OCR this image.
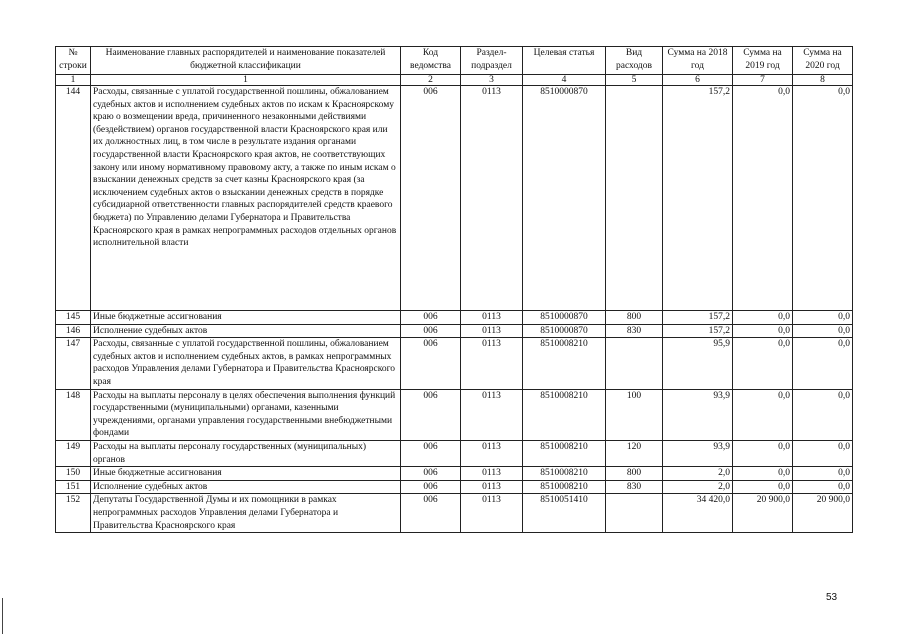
№ строки	Наименование главных распорядителей и наименование показателей бюджетной классификации	Код ведомства	Раздел-подраздел	Целевая статья	Вид расходов	Сумма на 2018 год	Сумма на 2019 год	Сумма на 2020 год
1	1	2	3	4	5	6	7	8
144	Расходы, связанные с уплатой государственной пошлины, обжалованием судебных актов и исполнением судебных актов по искам к Красноярскому краю о возмещении вреда, причиненного незаконными действиями (бездействием) органов государственной власти Красноярского края или их должностных лиц, в том числе в результате издания органами государственной власти Красноярского края актов, не соответствующих закону или иному нормативному правовому акту, а также по иным искам о взыскании денежных средств за счет казны Красноярского края (за исключением судебных актов о взыскании денежных средств в порядке субсидиарной ответственности главных распорядителей средств краевого бюджета) по Управлению делами Губернатора и Правительства Красноярского края в рамках непрограммных расходов отдельных органов исполнительной власти	006	0113	8510000870		157,2	0,0	0,0
145	Иные бюджетные ассигнования	006	0113	8510000870	800	157,2	0,0	0,0
146	Исполнение судебных актов	006	0113	8510000870	830	157,2	0,0	0,0
147	Расходы, связанные с уплатой государственной пошлины, обжалованием судебных актов и исполнением судебных актов, в рамках непрограммных расходов Управления делами Губернатора и Правительства Красноярского края	006	0113	8510008210		95,9	0,0	0,0
148	Расходы на выплаты персоналу в целях обеспечения выполнения функций государственными (муниципальными) органами, казенными учреждениями, органами управления государственными внебюджетными фондами	006	0113	8510008210	100	93,9	0,0	0,0
149	Расходы на выплаты персоналу государственных (муниципальных) органов	006	0113	8510008210	120	93,9	0,0	0,0
150	Иные бюджетные ассигнования	006	0113	8510008210	800	2,0	0,0	0,0
151	Исполнение судебных актов	006	0113	8510008210	830	2,0	0,0	0,0
152	Депутаты Государственной Думы и их помощники в рамках непрограммных расходов Управления делами Губернатора и Правительства Красноярского края	006	0113	8510051410		34 420,0	20 900,0	20 900,0
53
